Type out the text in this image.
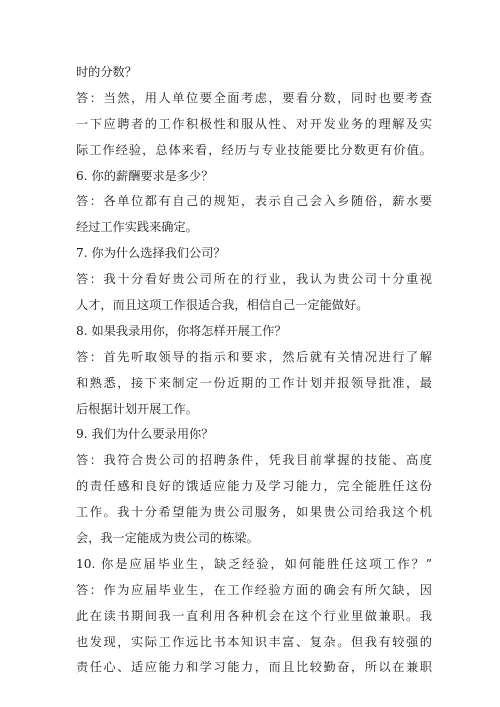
时的分数？
答：当然，用人单位要全面考虑，要看分数，同时也要考查
一下应聘者的工作积极性和服从性、对开发业务的理解及实
际工作经验，总体来看，经历与专业技能要比分数更有价值。
6. 你的薪酬要求是多少？
答：各单位都有自己的规矩，表示自己会入乡随俗，薪水要
经过工作实践来确定。
7. 你为什么选择我们公司？
答：我十分看好贵公司所在的行业，我认为贵公司十分重视
人才，而且这项工作很适合我，相信自己一定能做好。
8. 如果我录用你，你将怎样开展工作？
答：首先听取领导的指示和要求，然后就有关情况进行了解
和熟悉，接下来制定一份近期的工作计划并报领导批准，最
后根据计划开展工作。
9. 我们为什么要录用你？
答：我符合贵公司的招聘条件，凭我目前掌握的技能、高度
的责任感和良好的饿适应能力及学习能力，完全能胜任这份
工作。我十分希望能为贵公司服务，如果贵公司给我这个机
会，我一定能成为贵公司的栋梁。
10. 你是应届毕业生，缺乏经验，如何能胜任这项工作？”
答：作为应届毕业生，在工作经验方面的确会有所欠缺，因
此在读书期间我一直利用各种机会在这个行业里做兼职。我
也发现，实际工作远比书本知识丰富、复杂。但我有较强的
责任心、适应能力和学习能力，而且比较勤奋，所以在兼职
